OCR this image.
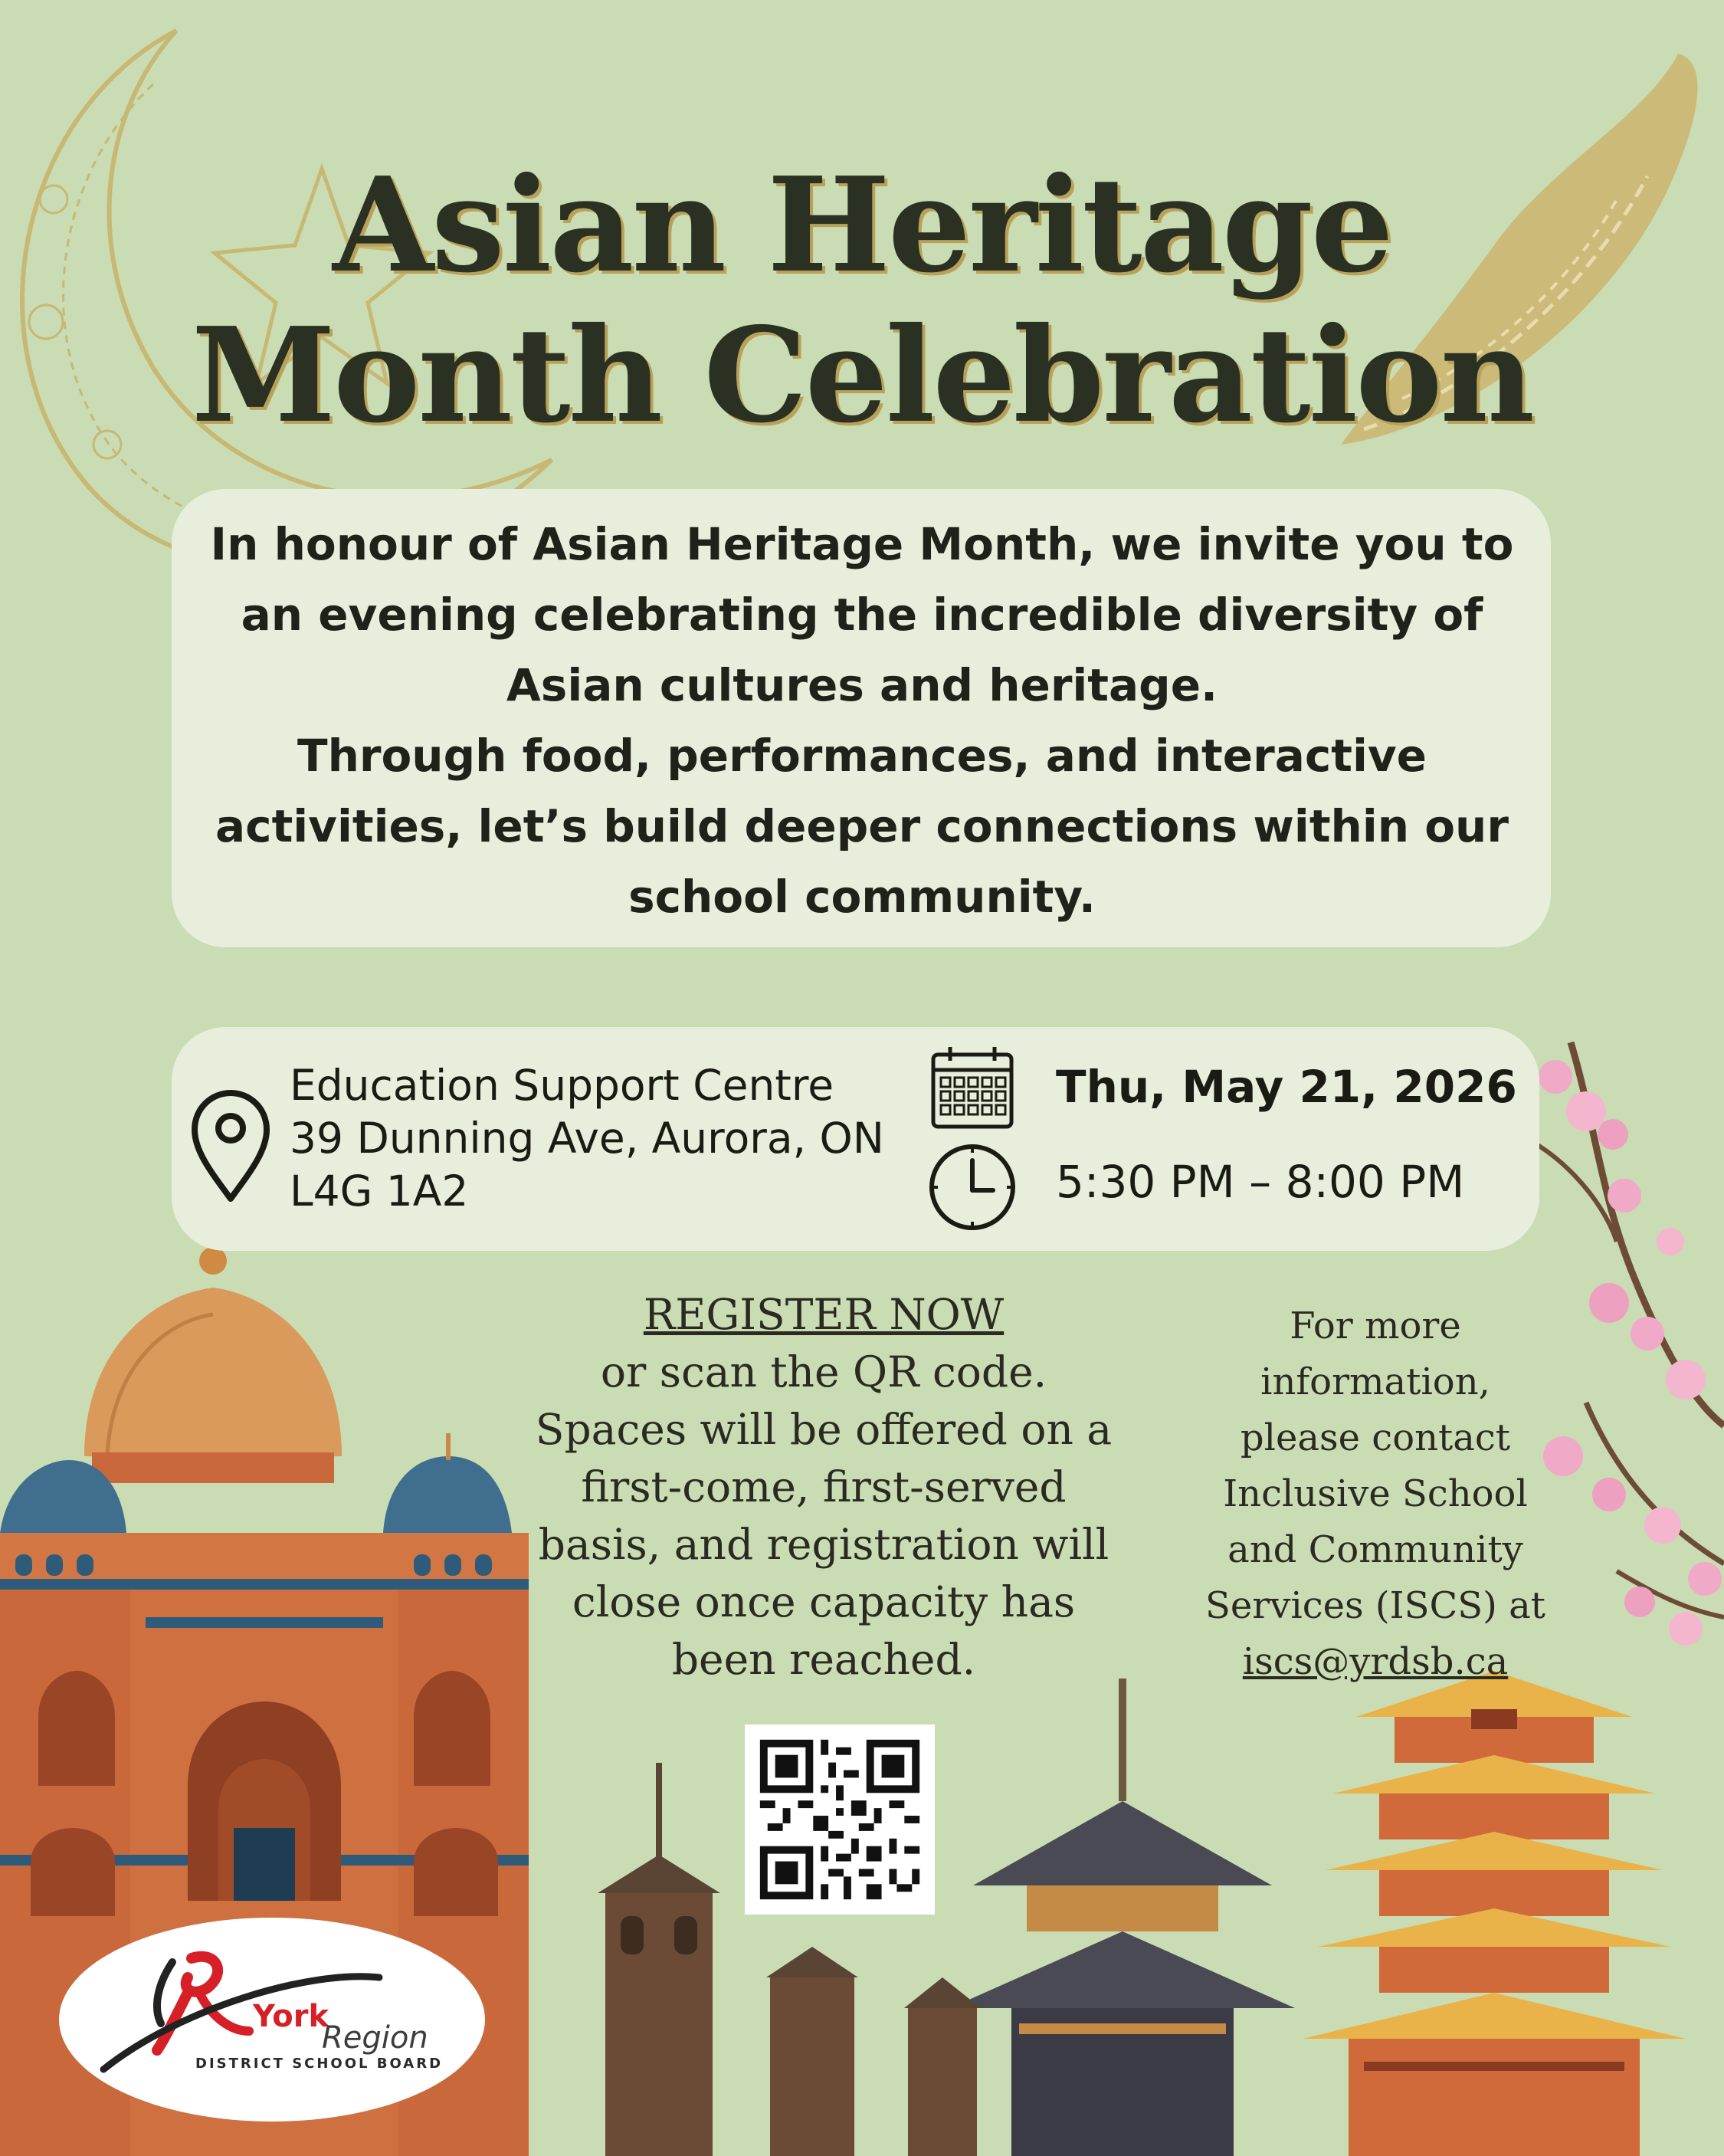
Asian Heritage
Month Celebration
In honour of Asian Heritage Month, we invite you to
an evening celebrating the incredible diversity of
Asian cultures and heritage.
Through food, performances, and interactive
activities, let’s build deeper connections within our
school community.
Education Support Centre
39 Dunning Ave, Aurora, ON
L4G 1A2
Thu, May 21, 2026
5:30 PM – 8:00 PM
REGISTER NOW
or scan the QR code.
Spaces will be offered on a
first-come, first-served
basis, and registration will
close once capacity has
been reached.
For more
information,
please contact
Inclusive School
and Community
Services (ISCS) at
iscs@yrdsb.ca
York
Region
DISTRICT SCHOOL BOARD
